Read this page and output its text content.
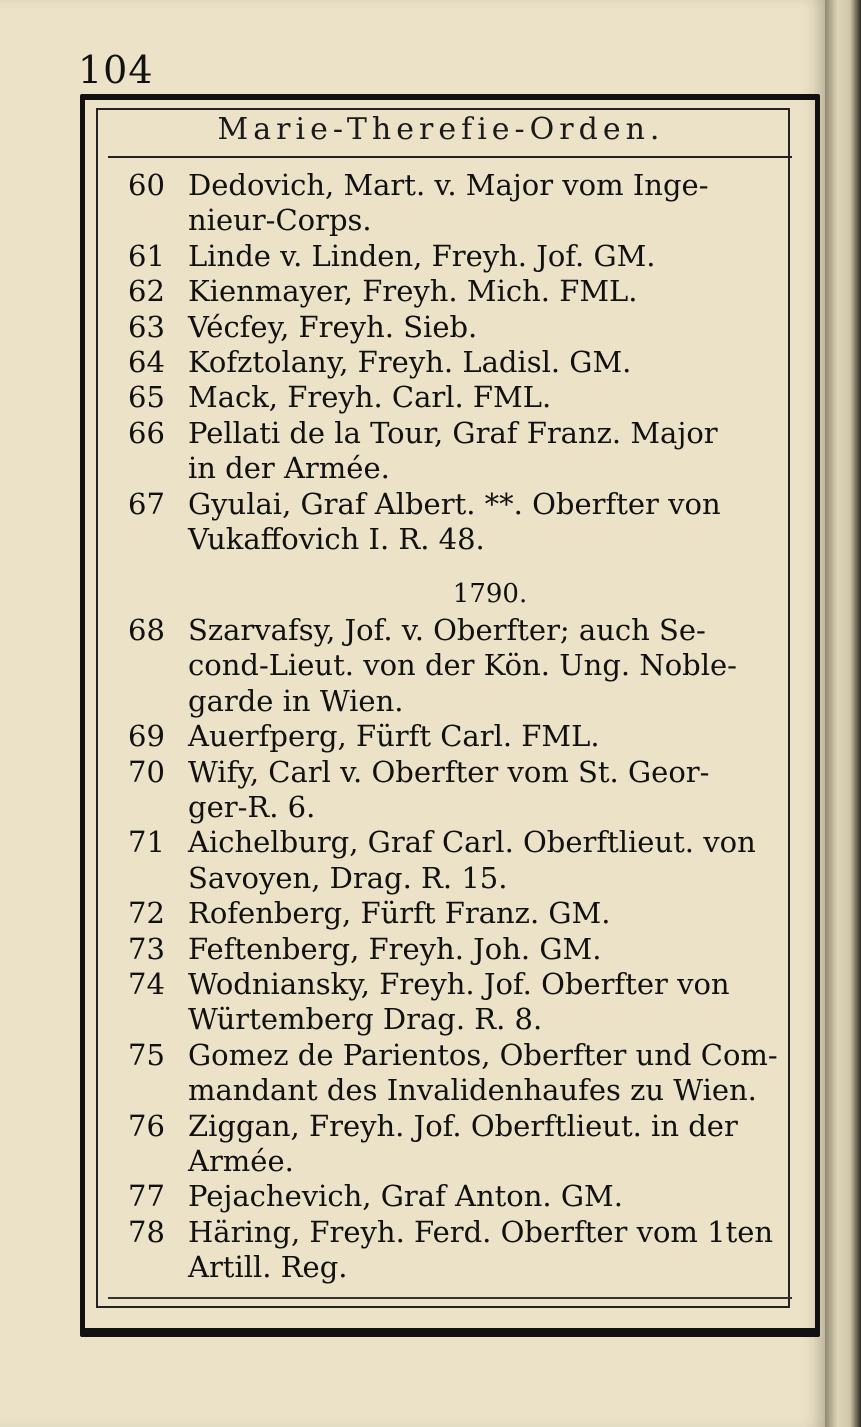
104
Marie-Therefie-Orden.
60 Dedovich, Mart. v. Major vom Inge-
nieur-Corps.
61 Linde v. Linden, Freyh. Jof. GM.
62 Kienmayer, Freyh. Mich. FML.
63 Vécfey, Freyh. Sieb.
64 Kofztolany, Freyh. Ladisl. GM.
65 Mack, Freyh. Carl. FML.
66 Pellati de la Tour, Graf Franz. Major
in der Armée.
67 Gyulai, Graf Albert. **. Oberfter von
Vukaffovich I. R. 48.
1790.
68 Szarvafsy, Jof. v. Oberfter; auch Se-
cond-Lieut. von der Kön. Ung. Noble-
garde in Wien.
69 Auerfperg, Fürft Carl. FML.
70 Wify, Carl v. Oberfter vom St. Geor-
ger-R. 6.
71 Aichelburg, Graf Carl. Oberftlieut. von
Savoyen, Drag. R. 15.
72 Rofenberg, Fürft Franz. GM.
73 Feftenberg, Freyh. Joh. GM.
74 Wodniansky, Freyh. Jof. Oberfter von
Würtemberg Drag. R. 8.
75 Gomez de Parientos, Oberfter und Com-
mandant des Invalidenhaufes zu Wien.
76 Ziggan, Freyh. Jof. Oberftlieut. in der
Armée.
77 Pejachevich, Graf Anton. GM.
78 Häring, Freyh. Ferd. Oberfter vom 1ten
Artill. Reg.
